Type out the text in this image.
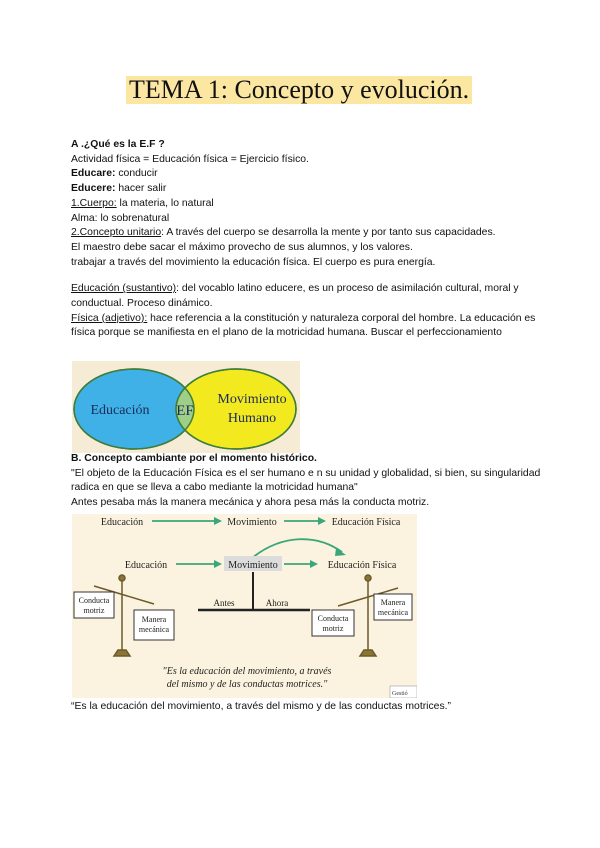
TEMA 1: Concepto y evolución.

A .¿Qué es la E.F ?

Actividad física = Educación física = Ejercicio físico.

Educare: conducir

Educere: hacer salir

1.Cuerpo: la materia, lo natural

Alma: lo sobrenatural

2.Concepto unitario: A través del cuerpo se desarrolla la mente y por tanto sus capacidades.

El maestro debe sacar el máximo provecho de sus alumnos, y los valores.

trabajar a través del movimiento la educación física. El cuerpo es pura energía.

Educación (sustantivo): del vocablo latino educere, es un proceso de asimilación cultural, moral y conductual. Proceso dinámico.

Física (adjetivo): hace referencia a la constitución y naturaleza corporal del hombre. La educación es física porque se manifiesta en el plano de la motricidad humana. Buscar el perfeccionamiento

Educación EF
Movimiento
Humano

B. Concepto cambiante por el momento histórico.

"El objeto de la Educación Física es el ser humano e n su unidad y globalidad, si bien, su singularidad radica en que se lleva a cabo mediante la motricidad humana"

Antes pesaba más la manera mecánica y ahora pesa más la conducta motriz.

Educación	Movimiento	Educación Física
Educación	Movimiento	Educación Física
Antes	Ahora
Conducta
motriz
Manera
mecánica
Conducta
motriz
Manera
mecánica
"Es la educación del movimiento, a través
del mismo y de las conductas motrices."
Gestió
“Es la educación del movimiento, a través del mismo y de las conductas motrices.”
